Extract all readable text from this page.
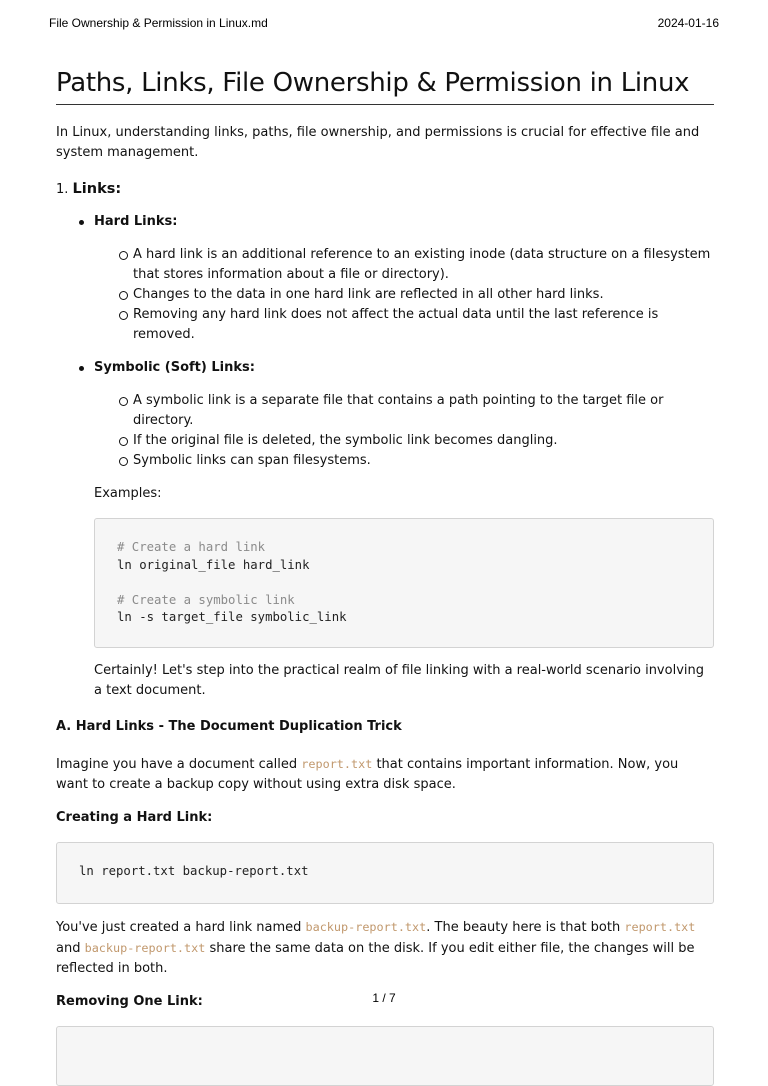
File Ownership & Permission in Linux.md	2024-01-16
Paths, Links, File Ownership & Permission in Linux

In Linux, understanding links, paths, file ownership, and permissions is crucial for effective file and system management.

1. Links:
Hard Links:
A hard link is an additional reference to an existing inode (data structure on a filesystem that stores information about a file or directory).
Changes to the data in one hard link are reflected in all other hard links.
Removing any hard link does not affect the actual data until the last reference is removed.
Symbolic (Soft) Links:
A symbolic link is a separate file that contains a path pointing to the target file or directory.
If the original file is deleted, the symbolic link becomes dangling.
Symbolic links can span filesystems.

Examples:

# Create a hard link
ln original_file hard_link
# Create a symbolic link
ln -s target_file symbolic_link

Certainly! Let's step into the practical realm of file linking with a real-world scenario involving a text document.

A. Hard Links - The Document Duplication Trick

Imagine you have a document called report.txt that contains important information. Now, you want to create a backup copy without using extra disk space.

Creating a Hard Link:
ln report.txt backup-report.txt

You've just created a hard link named backup-report.txt. The beauty here is that both report.txt and backup-report.txt share the same data on the disk. If you edit either file, the changes will be reflected in both.

Removing One Link:	1 / 7
